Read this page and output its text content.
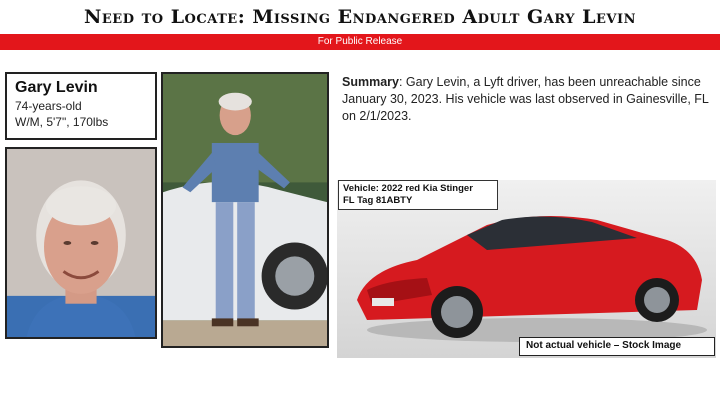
Need to Locate: Missing Endangered Adult Gary Levin
For Public Release
Gary Levin
74-years-old
W/M, 5'7", 170lbs
Summary: Gary Levin, a Lyft driver, has been unreachable since January 30, 2023. His vehicle was last observed in Gainesville, FL on 2/1/2023.
Vehicle: 2022 red Kia Stinger
FL Tag 81ABTY
Not actual vehicle – Stock Image
